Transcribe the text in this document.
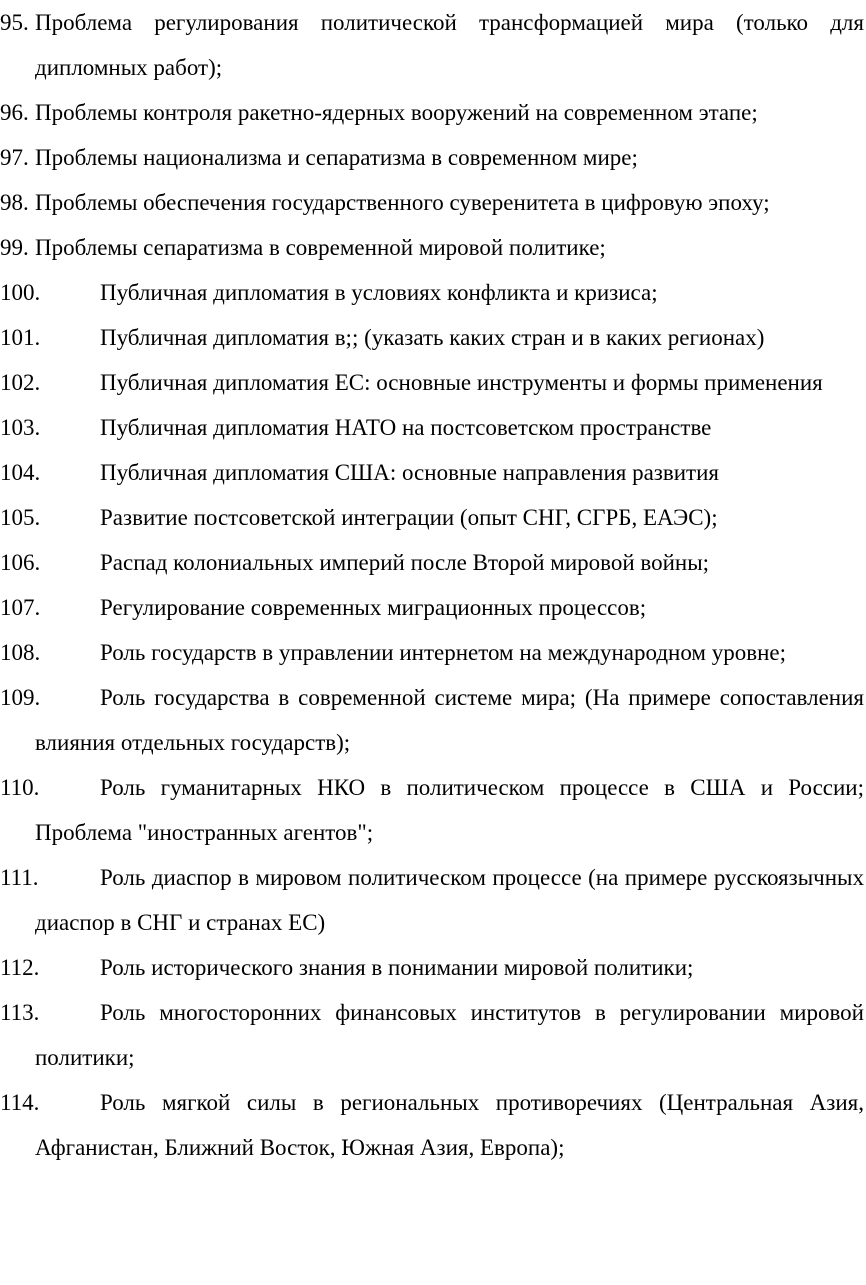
95. Проблема регулирования политической трансформацией мира (только для дипломных работ);
96. Проблемы контроля ракетно-ядерных вооружений на современном этапе;
97. Проблемы национализма и сепаратизма в современном мире;
98. Проблемы обеспечения государственного суверенитета в цифровую эпоху;
99. Проблемы сепаратизма в современной мировой политике;
100.	Публичная дипломатия в условиях конфликта и кризиса;
101.	Публичная дипломатия в;; (указать каких стран и в каких регионах)
102.	Публичная дипломатия ЕС: основные инструменты и формы применения
103.	Публичная дипломатия НАТО на постсоветском пространстве
104.	Публичная дипломатия США: основные направления развития
105.	Развитие постсоветской интеграции (опыт СНГ, СГРБ, ЕАЭС);
106.	Распад колониальных империй после Второй мировой войны;
107.	Регулирование современных миграционных процессов;
108.	Роль государств в управлении интернетом на международном уровне;
109.	Роль государства в современной системе мира; (На примере сопоставления влияния отдельных государств);
110.	Роль гуманитарных НКО в политическом процессе в США и России; Проблема "иностранных агентов";
111.	Роль диаспор в мировом политическом процессе (на примере русскоязычных диаспор в СНГ и странах ЕС)
112.	Роль исторического знания в понимании мировой политики;
113.	Роль многосторонних финансовых институтов в регулировании мировой политики;
114.	Роль мягкой силы в региональных противоречиях (Центральная Азия, Афганистан, Ближний Восток, Южная Азия, Европа);
